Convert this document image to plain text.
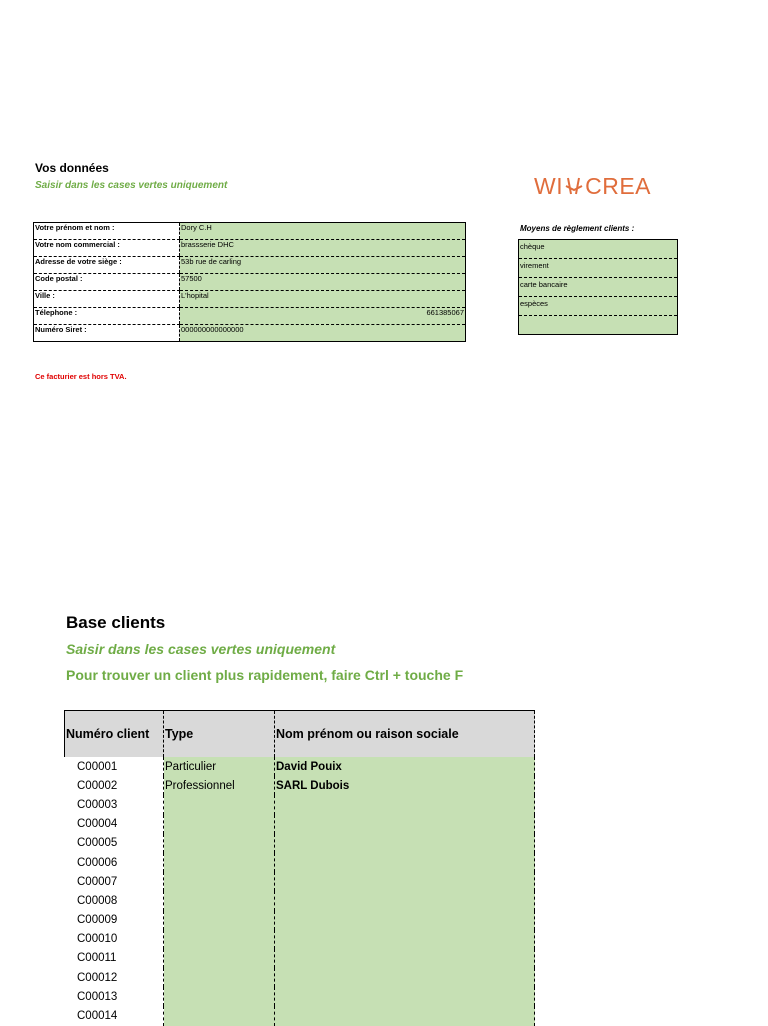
Vos données
Saisir dans les cases vertes uniquement	WI CREA
Votre prénom et nom :	Dory C.H
Votre nom commercial :	brassserie DHC
Adresse de votre siège :	53b rue de carling
Code postal :	57500
Ville :	L'hopital
Télephone :	661385067
Numéro Siret :	000000000000000
Moyens de règlement clients :
chèque
virement
carte bancaire
espèces

Ce facturier est hors TVA.
Base clients
Saisir dans les cases vertes uniquement
Pour trouver un client plus rapidement, faire Ctrl + touche F
Numéro client	Type	Nom prénom ou raison sociale
C00001	Particulier	David Pouix
C00002	Professionnel	SARL Dubois
C00003		
C00004		
C00005		
C00006		
C00007		
C00008		
C00009		
C00010		
C00011		
C00012		
C00013		
C00014		
